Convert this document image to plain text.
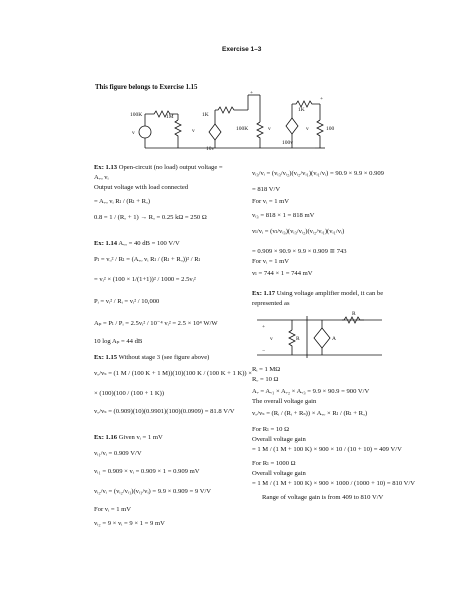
Exercise 1–3
This figure belongs to Exercise 1.15
100K	1M	1K
100K
1K
100
v	v	v	v
10v
100v
+
+
Ex: 1.13 Open-circuit (no load) output voltage =
Aᵥₒ vᵢ
Output voltage with load connected
= Aᵥₒ vᵢ Rₗ / (Rₗ + Rₒ)
0.8 = 1 / (Rₒ + 1) → Rₒ = 0.25 kΩ = 250 Ω
Ex: 1.14 Aᵥₒ = 40 dB = 100 V/V
Pₗ = vₒ² / Rₗ = (Aᵥₒ vᵢ Rₗ / (Rₗ + Rₒ))² / Rₗ
= vᵢ² × (100 × 1/(1+1))² / 1000 = 2.5vᵢ²
Pᵢ = vᵢ² / Rᵢ = vᵢ² / 10,000
Aₚ = Pₗ / Pᵢ = 2.5vᵢ² / 10⁻⁴ vᵢ² = 2.5 × 10⁴ W/W
10 log Aₚ = 44 dB
Ex: 1.15 Without stage 3 (see figure above)
vₒ/vₛ = (1 M / (100 K + 1 M))(10)(100 K / (100 K + 1 K)) ×
× (100)(100 / (100 + 1 K))
vₒ/vₛ = (0.909)(10)(0.9901)(100)(0.0909) = 81.8 V/V
Ex: 1.16 Given vᵢ = 1 mV
vᵢ₁/vᵢ = 0.909 V/V
vᵢ₁ = 0.909 × vᵢ = 0.909 × 1 = 0.909 mV
vᵢ₂/vᵢ = (vᵢ₂/vᵢ₁)(vᵢ₁/vᵢ) = 9.9 × 0.909 = 9 V/V
For vᵢ = 1 mV
vᵢ₂ = 9 × vᵢ = 9 × 1 = 9 mV
vᵢ₃/vᵢ = (vᵢ₃/vᵢ₂)(vᵢ₂/vᵢ₁)(vᵢ₁/vᵢ) = 90.9 × 9.9 × 0.909
= 818 V/V
For vᵢ = 1 mV
vᵢ₃ = 818 × 1 = 818 mV
vₗ/vᵢ = (vₗ/vᵢ₃)(vᵢ₃/vᵢ₂)(vᵢ₂/vᵢ₁)(vᵢ₁/vᵢ)
= 0.909 × 90.9 × 9.9 × 0.909 ≅ 743
For vᵢ = 1 mV
vₗ = 744 × 1 = 744 mV
Ex: 1.17 Using voltage amplifier model, it can be
represented as
R
v	R	A
+
−
Rᵢ = 1 MΩ
Rₒ = 10 Ω
Aᵥ = Aᵥ₁ × Aᵥ₂ × Aᵥ₃ = 9.9 × 90.9 = 900 V/V
The overall voltage gain
vₒ/vₛ = (Rᵢ / (Rᵢ + Rₛ)) × Aᵥₒ × Rₗ / (Rₗ + Rₒ)
For Rₗ = 10 Ω
Overall voltage gain
= 1 M / (1 M + 100 K) × 900 × 10 / (10 + 10) = 409 V/V
For Rₗ = 1000 Ω
Overall voltage gain
= 1 M / (1 M + 100 K) × 900 × 1000 / (1000 + 10) = 810 V/V
Range of voltage gain is from 409 to 810 V/V
